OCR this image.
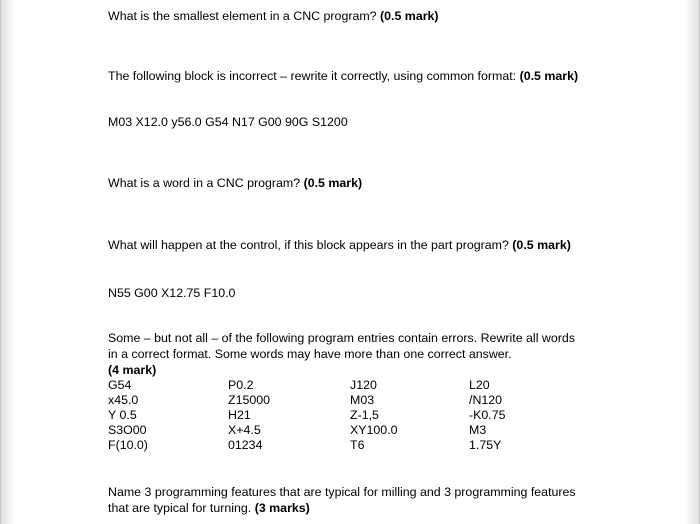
What is the smallest element in a CNC program? (0.5 mark)
The following block is incorrect – rewrite it correctly, using common format: (0.5 mark)
M03 X12.0 y56.0 G54 N17 G00 90G S1200
What is a word in a CNC program? (0.5 mark)
What will happen at the control, if this block appears in the part program? (0.5 mark)
N55 G00 X12.75 F10.0
Some – but not all – of the following program entries contain errors. Rewrite all words in a correct format. Some words may have more than one correct answer.
(4 mark)
G54
x45.0
Y 0.5
S3O00
F(10.0)
P0.2
Z15000
H21
X+4.5
01234
J120
M03
Z-1,5
XY100.0
T6
L20
/N120
-K0.75
M3
1.75Y
Name 3 programming features that are typical for milling and 3 programming features that are typical for turning. (3 marks)
